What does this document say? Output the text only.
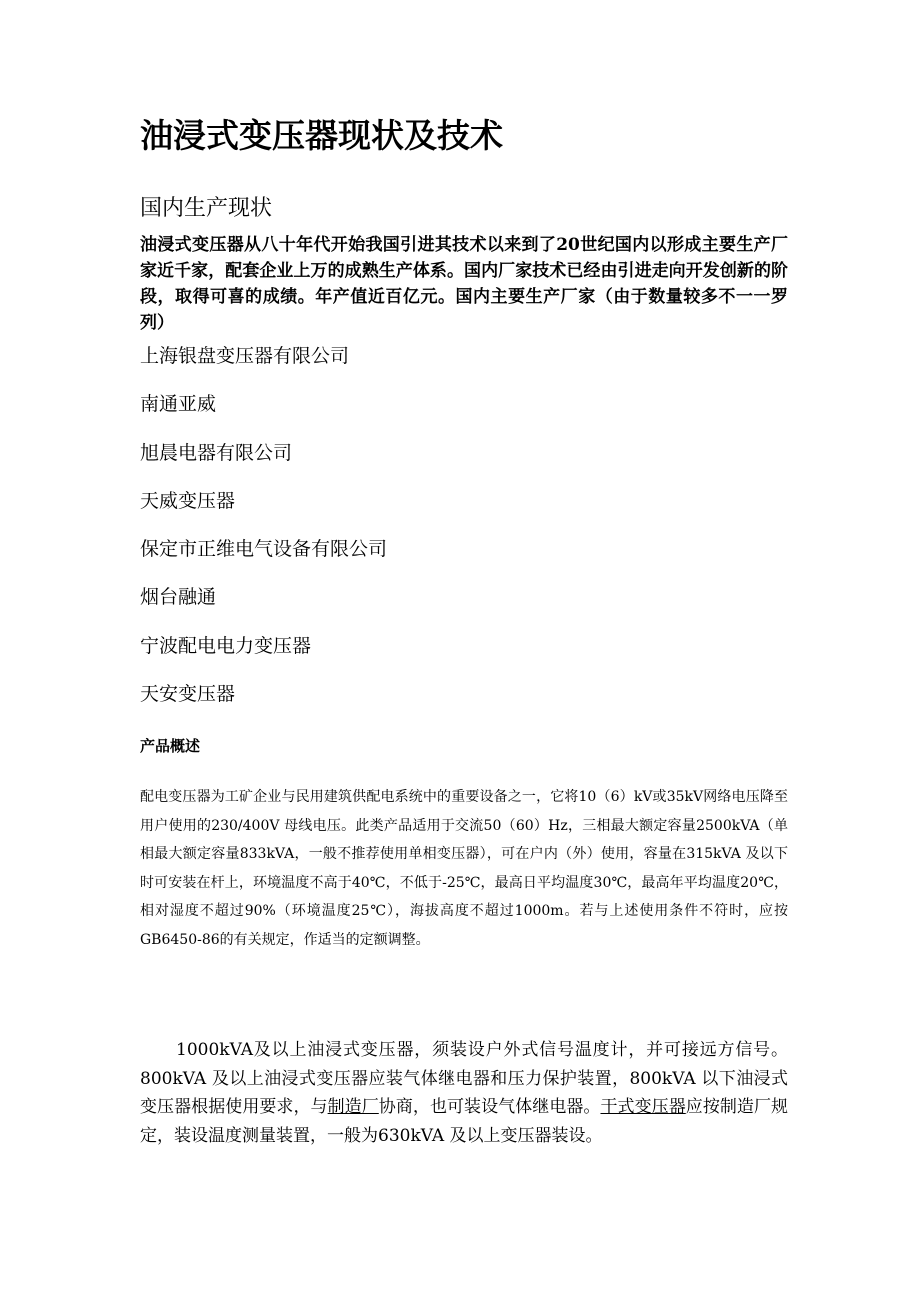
油浸式变压器现状及技术
国内生产现状

油浸式变压器从八十年代开始我国引进其技术以来到了20世纪国内以形成主要生产厂家近千家，配套企业上万的成熟生产体系。国内厂家技术已经由引进走向开发创新的阶段，取得可喜的成绩。年产值近百亿元。国内主要生产厂家（由于数量较多不一一罗列）

上海银盘变压器有限公司
南通亚威
旭晨电器有限公司
天威变压器
保定市正维电气设备有限公司
烟台融通
宁波配电电力变压器
天安变压器
产品概述

配电变压器为工矿企业与民用建筑供配电系统中的重要设备之一，它将10（6）kV或35kV网络电压降至用户使用的230/400V 母线电压。此类产品适用于交流50（60）Hz，三相最大额定容量2500kVA（单相最大额定容量833kVA，一般不推荐使用单相变压器），可在户内（外）使用，容量在315kVA 及以下时可安装在杆上，环境温度不高于40℃，不低于-25℃，最高日平均温度30℃，最高年平均温度20℃，相对湿度不超过90%（环境温度25℃），海拔高度不超过1000m。若与上述使用条件不符时，应按GB6450-86的有关规定，作适当的定额调整。

1000kVA及以上油浸式变压器，须装设户外式信号温度计，并可接远方信号。800kVA 及以上油浸式变压器应装气体继电器和压力保护装置，800kVA 以下油浸式变压器根据使用要求，与制造厂协商，也可装设气体继电器。干式变压器应按制造厂规定，装设温度测量装置，一般为630kVA 及以上变压器装设。
